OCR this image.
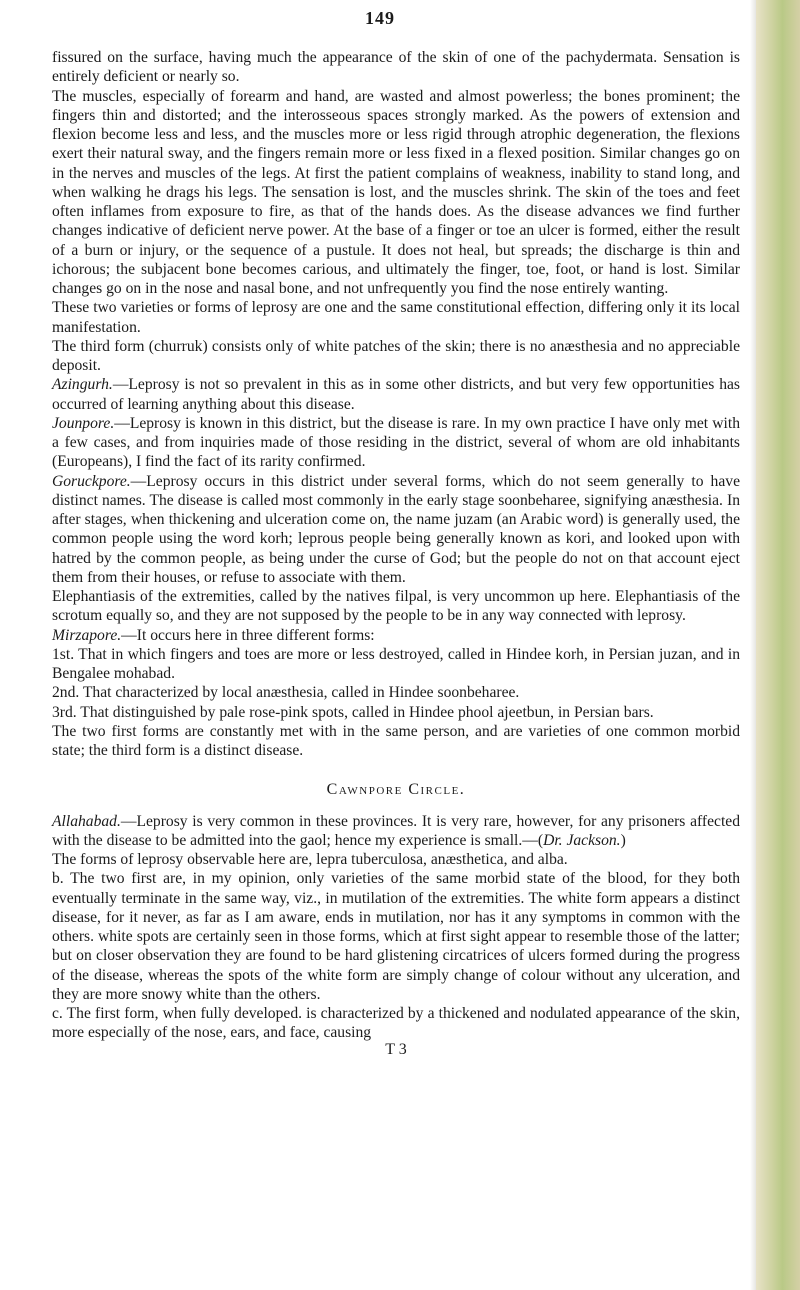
149

fissured on the surface, having much the appearance of the skin of one of the pachydermata. Sensation is entirely deficient or nearly so.

The muscles, especially of forearm and hand, are wasted and almost powerless; the bones prominent; the fingers thin and distorted; and the interosseous spaces strongly marked. As the powers of extension and flexion become less and less, and the muscles more or less rigid through atrophic degeneration, the flexions exert their natural sway, and the fingers remain more or less fixed in a flexed position. Similar changes go on in the nerves and muscles of the legs. At first the patient complains of weakness, inability to stand long, and when walking he drags his legs. The sensation is lost, and the muscles shrink. The skin of the toes and feet often inflames from exposure to fire, as that of the hands does. As the disease advances we find further changes indicative of deficient nerve power. At the base of a finger or toe an ulcer is formed, either the result of a burn or injury, or the sequence of a pustule. It does not heal, but spreads; the discharge is thin and ichorous; the subjacent bone becomes carious, and ultimately the finger, toe, foot, or hand is lost. Similar changes go on in the nose and nasal bone, and not unfrequently you find the nose entirely wanting.

These two varieties or forms of leprosy are one and the same constitutional effection, differing only it its local manifestation.

The third form (churruk) consists only of white patches of the skin; there is no anæsthesia and no appreciable deposit.

Azingurh.—Leprosy is not so prevalent in this as in some other districts, and but very few opportunities has occurred of learning anything about this disease.

Jounpore.—Leprosy is known in this district, but the disease is rare. In my own practice I have only met with a few cases, and from inquiries made of those residing in the district, several of whom are old inhabitants (Europeans), I find the fact of its rarity confirmed.

Goruckpore.—Leprosy occurs in this district under several forms, which do not seem generally to have distinct names. The disease is called most commonly in the early stage soonbeharee, signifying anæsthesia. In after stages, when thickening and ulceration come on, the name juzam (an Arabic word) is generally used, the common people using the word korh; leprous people being generally known as kori, and looked upon with hatred by the common people, as being under the curse of God; but the people do not on that account eject them from their houses, or refuse to associate with them.

Elephantiasis of the extremities, called by the natives filpal, is very uncommon up here. Elephantiasis of the scrotum equally so, and they are not supposed by the people to be in any way connected with leprosy.

Mirzapore.—It occurs here in three different forms:

1st. That in which fingers and toes are more or less destroyed, called in Hindee korh, in Persian juzan, and in Bengalee mohabad.

2nd. That characterized by local anæsthesia, called in Hindee soonbeharee.

3rd. That distinguished by pale rose-pink spots, called in Hindee phool ajeetbun, in Persian bars.

The two first forms are constantly met with in the same person, and are varieties of one common morbid state; the third form is a distinct disease.

Cawnpore Circle.

Allahabad.—Leprosy is very common in these provinces. It is very rare, however, for any prisoners affected with the disease to be admitted into the gaol; hence my experience is small.—(Dr. Jackson.)

The forms of leprosy observable here are, lepra tuberculosa, anæsthetica, and alba.

b. The two first are, in my opinion, only varieties of the same morbid state of the blood, for they both eventually terminate in the same way, viz., in mutilation of the extremities. The white form appears a distinct disease, for it never, as far as I am aware, ends in mutilation, nor has it any symptoms in common with the others. white spots are certainly seen in those forms, which at first sight appear to resemble those of the latter; but on closer observation they are found to be hard glistening circatrices of ulcers formed during the progress of the disease, whereas the spots of the white form are simply change of colour without any ulceration, and they are more snowy white than the others.

c. The first form, when fully developed. is characterized by a thickened and nodulated appearance of the skin, more especially of the nose, ears, and face, causing

T 3
